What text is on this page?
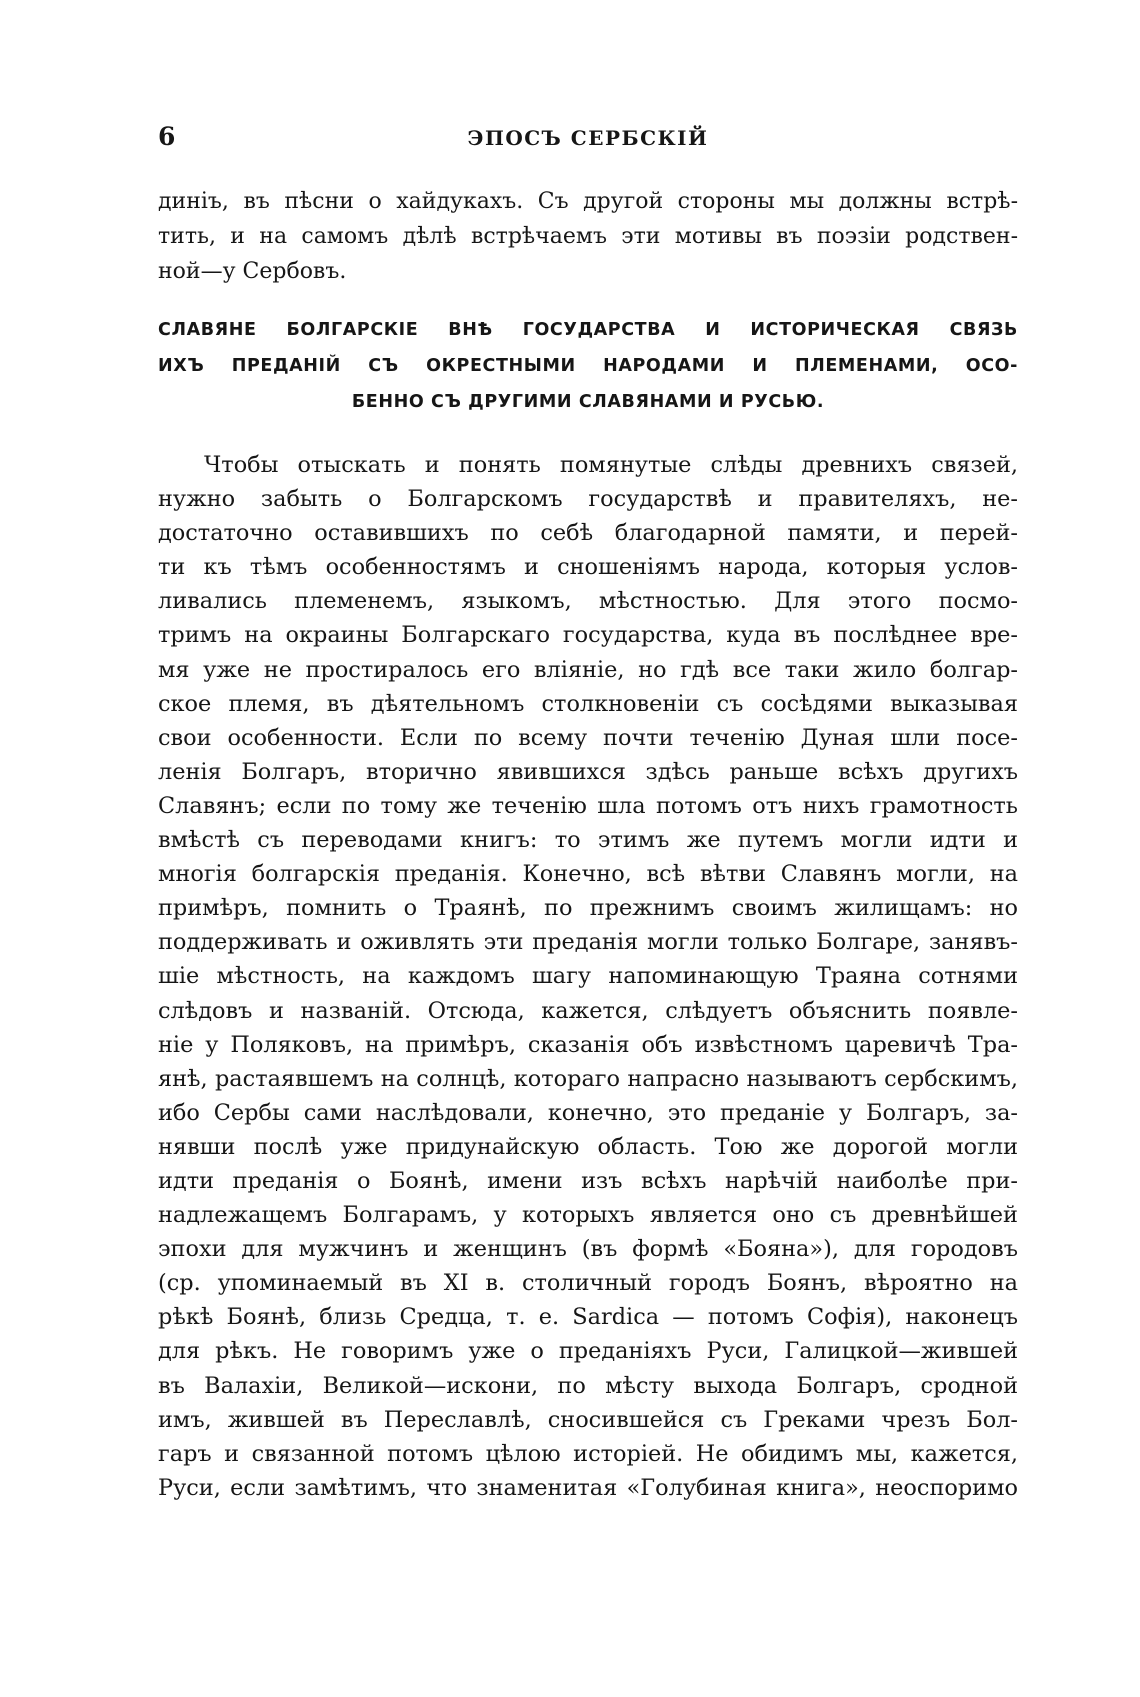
6	ЭПОСЪ СЕРБСКІЙ
диніъ, въ пѣсни о хайдукахъ. Съ другой стороны мы должны встрѣ-
тить, и на самомъ дѣлѣ встрѣчаемъ эти мотивы въ поэзіи родствен-
ной—у Сербовъ.
СЛАВЯНЕ БОЛГАРСКІЕ ВНѢ ГОСУДАРСТВА И ИСТОРИЧЕСКАЯ СВЯЗЬ
ИХЪ ПРЕДАНІЙ СЪ ОКРЕСТНЫМИ НАРОДАМИ И ПЛЕМЕНАМИ, ОСО-
БЕННО СЪ ДРУГИМИ СЛАВЯНАМИ И РУСЬЮ.
Чтобы отыскать и понять помянутые слѣды древнихъ связей,
нужно забыть о Болгарскомъ государствѣ и правителяхъ, не-
достаточно оставившихъ по себѣ благодарной памяти, и перей-
ти къ тѣмъ особенностямъ и сношеніямъ народа, которыя услов-
ливались племенемъ, языкомъ, мѣстностью. Для этого посмо-
тримъ на окраины Болгарскаго государства, куда въ послѣднее вре-
мя уже не простиралось его вліяніе, но гдѣ все таки жило болгар-
ское племя, въ дѣятельномъ столкновеніи съ сосѣдями выказывая
свои особенности. Если по всему почти теченію Дуная шли посе-
ленія Болгаръ, вторично явившихся здѣсь раньше всѣхъ другихъ
Славянъ; если по тому же теченію шла потомъ отъ нихъ грамотность
вмѣстѣ съ переводами книгъ: то этимъ же путемъ могли идти и
многія болгарскія преданія. Конечно, всѣ вѣтви Славянъ могли, на
примѣръ, помнить о Траянѣ, по прежнимъ своимъ жилищамъ: но
поддерживать и оживлять эти преданія могли только Болгаре, занявъ-
шіе мѣстность, на каждомъ шагу напоминающую Траяна сотнями
слѣдовъ и названій. Отсюда, кажется, слѣдуетъ объяснить появле-
ніе у Поляковъ, на примѣръ, сказанія объ извѣстномъ царевичѣ Тра-
янѣ, растаявшемъ на солнцѣ, котораго напрасно называютъ сербскимъ,
ибо Сербы сами наслѣдовали, конечно, это преданіе у Болгаръ, за-
нявши послѣ уже придунайскую область. Тою же дорогой могли
идти преданія о Боянѣ, имени изъ всѣхъ нарѣчій наиболѣе при-
надлежащемъ Болгарамъ, у которыхъ является оно съ древнѣйшей
эпохи для мужчинъ и женщинъ (въ формѣ «Бояна»), для городовъ
(ср. упоминаемый въ XI в. столичный городъ Боянъ, вѣроятно на
рѣкѣ Боянѣ, близь Средца, т. е. Sardica — потомъ Софія), наконецъ
для рѣкъ. Не говоримъ уже о преданіяхъ Руси, Галицкой—жившей
въ Валахіи, Великой—искони, по мѣсту выхода Болгаръ, сродной
имъ, жившей въ Переславлѣ, сносившейся съ Греками чрезъ Бол-
гаръ и связанной потомъ цѣлою исторіей. Не обидимъ мы, кажется,
Руси, если замѣтимъ, что знаменитая «Голубиная книга», неоспоримо
